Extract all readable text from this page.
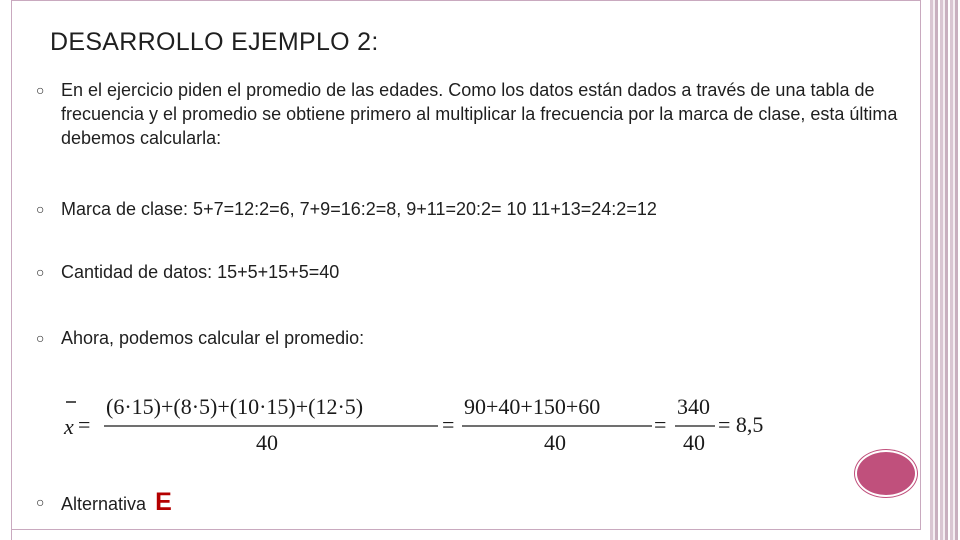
DESARROLLO EJEMPLO 2:
○ En el ejercicio piden el promedio de las edades. Como los datos están dados a través de una tabla de frecuencia y el promedio se obtiene primero al multiplicar la frecuencia por la marca de clase, esta última debemos calcularla:
○ Marca de clase: 5+7=12:2=6, 7+9=16:2=8, 9+11=20:2= 10 11+13=24:2=12
○ Cantidad de datos: 15+5+15+5=40
○ Ahora, podemos calcular el promedio:
x =
(6·15)+(8·5)+(10·15)+(12·5)
40
=
90+40+150+60
40
=
340
40
= 8,5
○ Alternativa E
